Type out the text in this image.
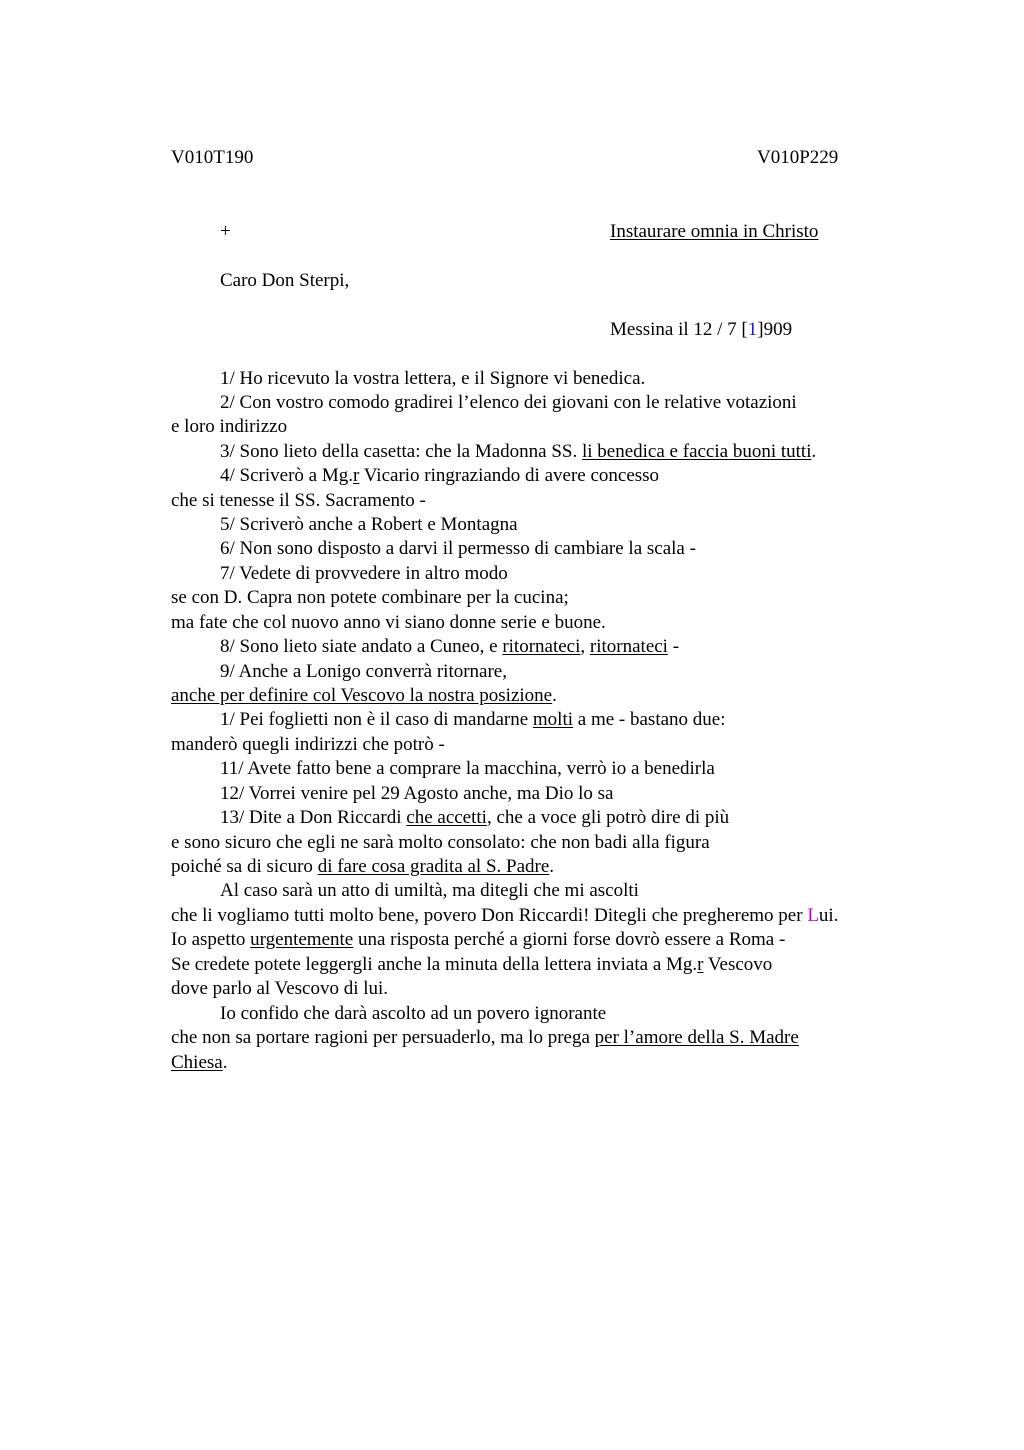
V010T190	V010P229
+	Instaurare omnia in Christo
Caro Don Sterpi,
Messina il 12 / 7 [1]909
1/ Ho ricevuto la vostra lettera, e il Signore vi benedica.
2/ Con vostro comodo gradirei l’elenco dei giovani con le relative votazioni
e loro indirizzo
3/ Sono lieto della casetta: che la Madonna SS. li benedica e faccia buoni tutti.
4/ Scriverò a Mg.r Vicario ringraziando di avere concesso
che si tenesse il SS. Sacramento -
5/ Scriverò anche a Robert e Montagna
6/ Non sono disposto a darvi il permesso di cambiare la scala -
7/ Vedete di provvedere in altro modo
se con D. Capra non potete combinare per la cucina;
ma fate che col nuovo anno vi siano donne serie e buone.
8/ Sono lieto siate andato a Cuneo, e ritornateci, ritornateci -
9/ Anche a Lonigo converrà ritornare,
anche per definire col Vescovo la nostra posizione.
1/ Pei foglietti non è il caso di mandarne molti a me - bastano due:
manderò quegli indirizzi che potrò -
11/ Avete fatto bene a comprare la macchina, verrò io a benedirla
12/ Vorrei venire pel 29 Agosto anche, ma Dio lo sa
13/ Dite a Don Riccardi che accetti, che a voce gli potrò dire di più
e sono sicuro che egli ne sarà molto consolato: che non badi alla figura
poiché sa di sicuro di fare cosa gradita al S. Padre.
Al caso sarà un atto di umiltà, ma ditegli che mi ascolti
che li vogliamo tutti molto bene, povero Don Riccardi! Ditegli che pregheremo per Lui.
Io aspetto urgentemente una risposta perché a giorni forse dovrò essere a Roma -
Se credete potete leggergli anche la minuta della lettera inviata a Mg.r Vescovo
dove parlo al Vescovo di lui.
Io confido che darà ascolto ad un povero ignorante
che non sa portare ragioni per persuaderlo, ma lo prega per l’amore della S. Madre
Chiesa.
